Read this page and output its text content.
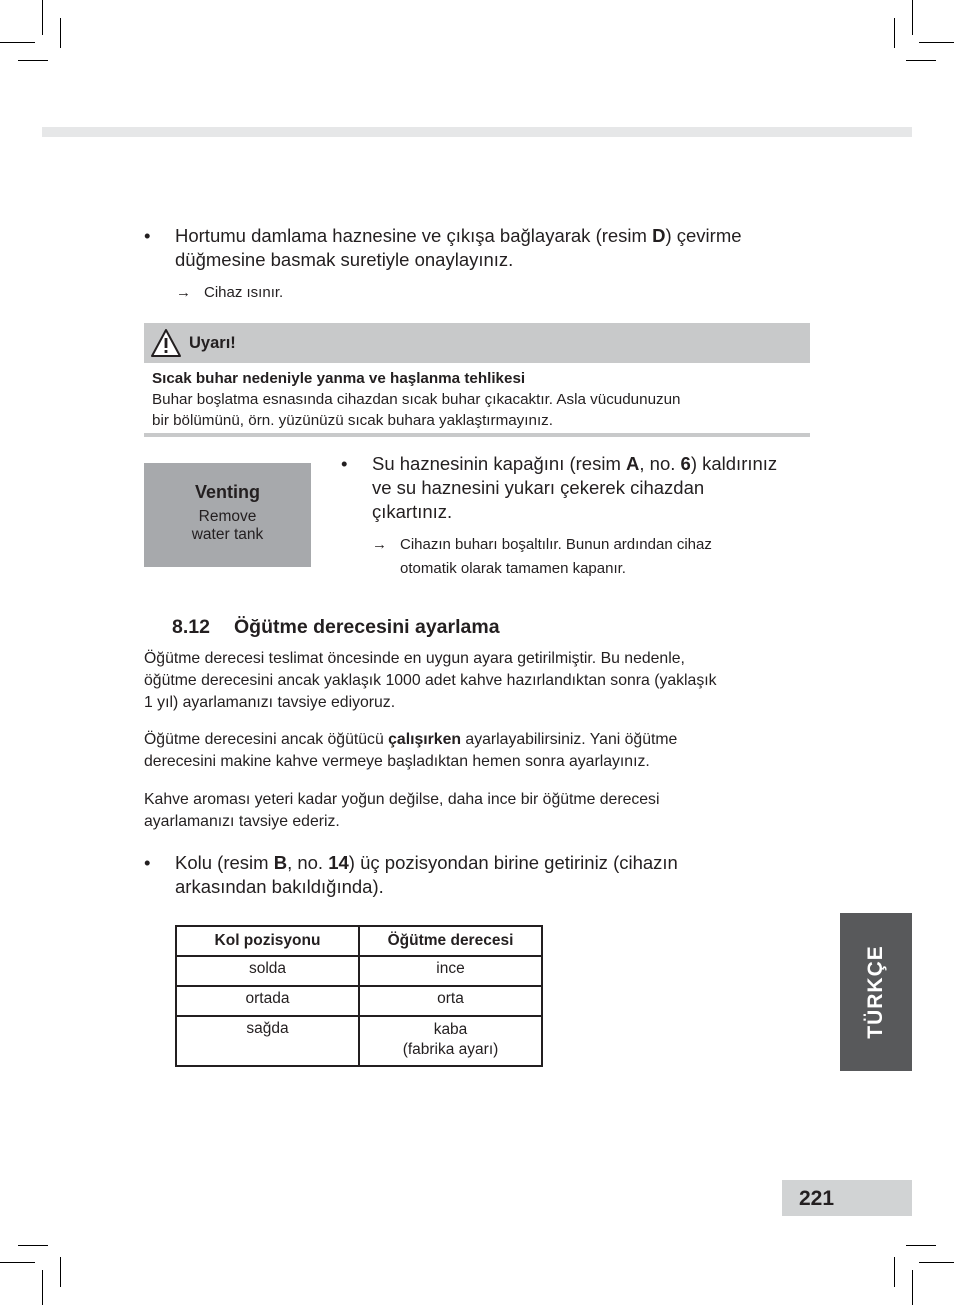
• Hortumu damlama haznesine ve çıkışa bağlayarak (resim D) çevirme
düğmesine basmak suretiyle onaylayınız.
→ Cihaz ısınır.
Uyarı!
Sıcak buhar nedeniyle yanma ve haşlanma tehlikesi
Buhar boşlatma esnasında cihazdan sıcak buhar çıkacaktır. Asla vücudunuzun
bir bölümünü, örn. yüzünüzü sıcak buhara yaklaştırmayınız.
Venting
Remove
water tank
• Su haznesinin kapağını (resim A, no. 6) kaldırınız
ve su haznesini yukarı çekerek cihazdan
çıkartınız.
→ Cihazın buharı boşaltılır. Bunun ardından cihaz
otomatik olarak tamamen kapanır.
8.12 Öğütme derecesini ayarlama
Öğütme derecesi teslimat öncesinde en uygun ayara getirilmiştir. Bu nedenle,
öğütme derecesini ancak yaklaşık 1000 adet kahve hazırlandıktan sonra (yaklaşık
1 yıl) ayarlamanızı tavsiye ediyoruz.
Öğütme derecesini ancak öğütücü çalışırken ayarlayabilirsiniz. Yani öğütme
derecesini makine kahve vermeye başladıktan hemen sonra ayarlayınız.
Kahve aroması yeteri kadar yoğun değilse, daha ince bir öğütme derecesi
ayarlamanızı tavsiye ederiz.
• Kolu (resim B, no. 14) üç pozisyondan birine getiriniz (cihazın
arkasından bakıldığında).
Kol pozisyonu	Öğütme derecesi
solda	ince
ortada	orta
sağda	kaba
(fabrika ayarı)
TÜRKÇE
221
